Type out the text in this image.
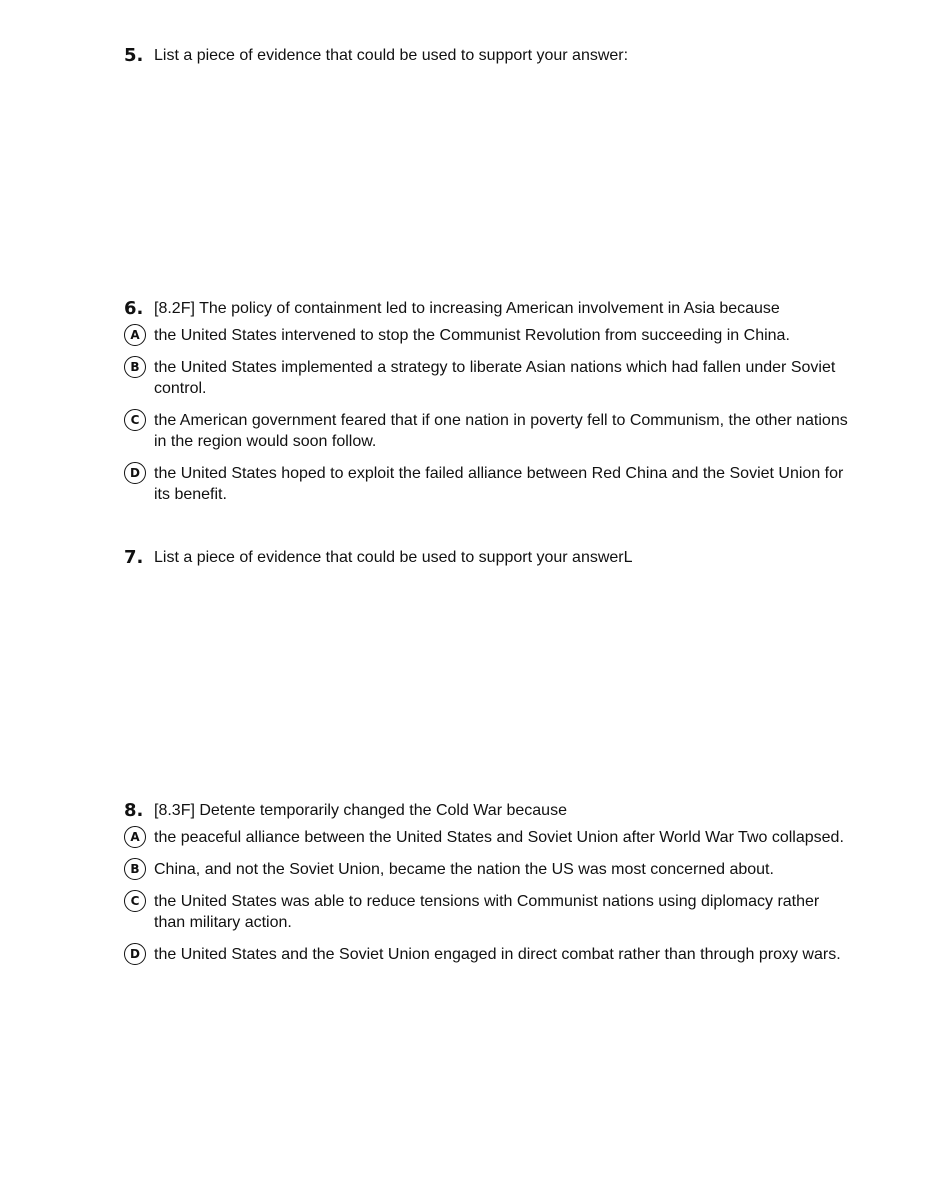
5. List a piece of evidence that could be used to support your answer:
6. [8.2F] The policy of containment led to increasing American involvement in Asia because
A the United States intervened to stop the Communist Revolution from succeeding in China.
B the United States implemented a strategy to liberate Asian nations which had fallen under Soviet control.
C the American government feared that if one nation in poverty fell to Communism, the other nations in the region would soon follow.
D the United States hoped to exploit the failed alliance between Red China and the Soviet Union for its benefit.
7. List a piece of evidence that could be used to support your answerL
8. [8.3F] Detente temporarily changed the Cold War because
A the peaceful alliance between the United States and Soviet Union after World War Two collapsed.
B China, and not the Soviet Union, became the nation the US was most concerned about.
C the United States was able to reduce tensions with Communist nations using diplomacy rather than military action.
D the United States and the Soviet Union engaged in direct combat rather than through proxy wars.
